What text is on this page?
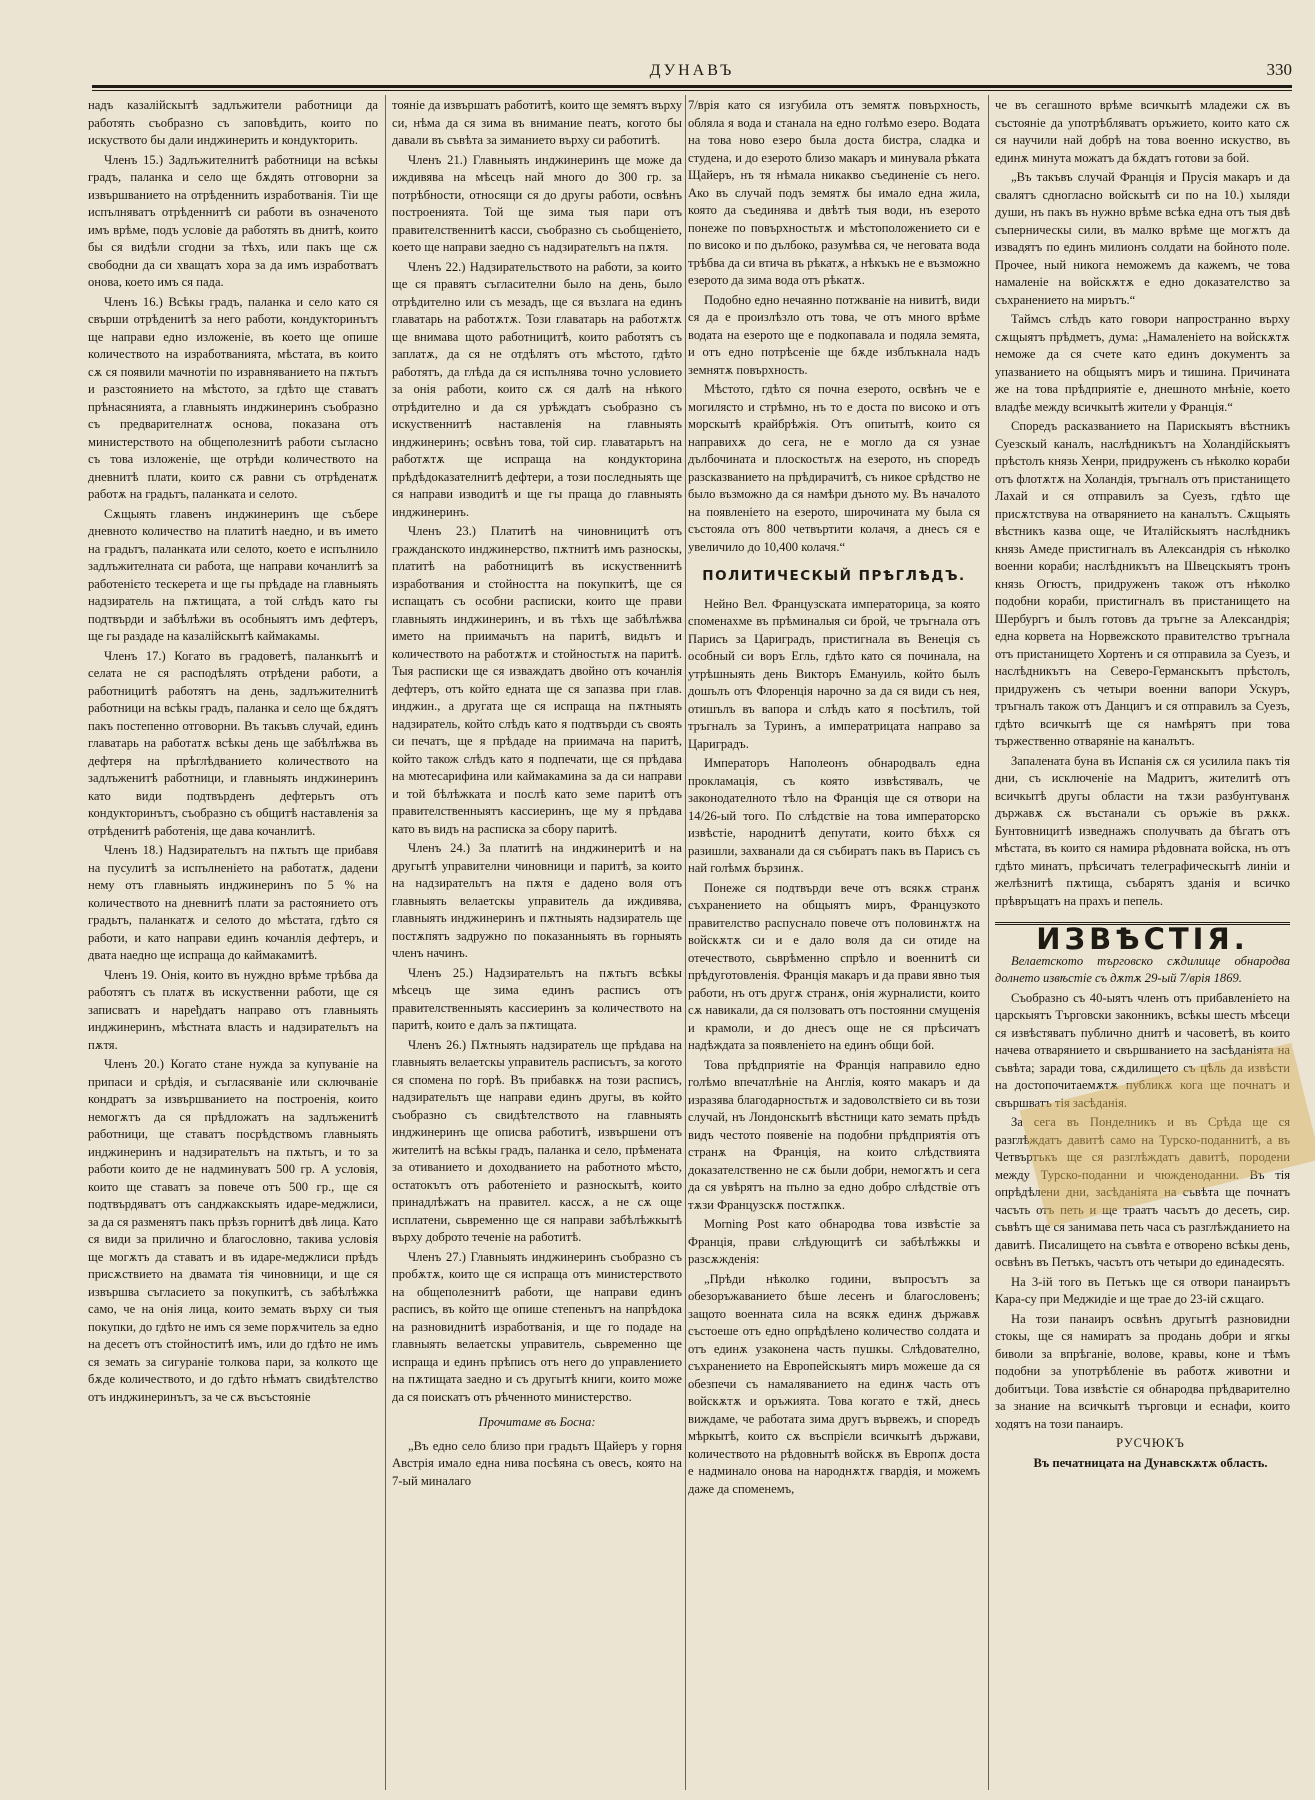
ДУНАВЪ	330

надъ казалійскытѣ задлъжители работници да работять съобразно съ заповѣдить, които по искуството бы дали инджинерить и кондукторить.

Членъ 15.) Задлъжителнитѣ работници на всѣкы градъ, паланка и село ще бѫдять отговорни за извършванието на отрѣденнить изработванія. Тіи ще испълняватъ отрѣденнитѣ си работи въ означеното имъ врѣме, подъ условіе да работять въ днитѣ, които бы ся видѣли сгодни за тѣхъ, или пакъ ще сѫ свободни да си хващатъ хора за да имъ изработватъ онова, което имъ ся пада.

Членъ 16.) Всѣкы градъ, паланка и село като ся свърши отрѣденитѣ за него работи, кондукторинътъ ще направи едно изложеніе, въ което ще опише количеството на изработванията, мѣстата, въ които сѫ ся появили мачнотіи по изравняванието на пѫтьтъ и разстоянието на мѣстото, за гдѣто ще ставатъ прѣнасянията, а главныять инджинеринъ съобразно съ предварителнатѫ основа, показана отъ министерството на общеполезнитѣ работи съгласно съ това изложеніе, ще отрѣди количеството на дневнитѣ плати, които сѫ равни съ отрѣденатѫ работѫ на градьтъ, паланката и селото.

Сѫщыять главенъ инджинеринъ ще събере дневното количество на платитѣ наедно, и въ името на градьтъ, паланката или селото, което е испълнило задлъжителната си работа, ще направи кочанлитѣ за работенієто тескерета и ще гы прѣдаде на главныять надзиратель на пѫтищата, а той слѣдъ като гы подтвърди и забѣлѣжи въ особныятъ имъ дефтеръ, ще гы раздаде на казалійскытѣ каймакамы.

Членъ 17.) Когато въ градоветѣ, паланкытѣ и селата не ся расподѣлять отрѣдени работи, а работницитѣ работятъ на день, задлъжителнитѣ работници на всѣкы градъ, паланка и село ще бѫдятъ пакъ постепенно отговорни. Въ такъвъ случай, единъ главатарь на работатѫ всѣкы день ще забѣлѣжва въ дефтеря на прѣглѣдванието количеството на задлъженитѣ работници, и главныять инджинеринъ като види подтвърденъ дефтерьтъ отъ кондукторинътъ, съобразно съ общитѣ наставленія за отрѣденитѣ работенія, ще дава кочанлитѣ.

Членъ 18.) Надзирательтъ на пѫтьтъ ще прибавя на пусулитѣ за испълненieто на работатѫ, дадени нему отъ главныять инджинеринъ по 5 % на количеството на дневнитѣ плати за растоянието отъ градьтъ, паланкатѫ и селото до мѣстата, гдѣто ся работи, и като направи единъ кочанлія дефтеръ, и двата наедно ще испраща до каймакамитѣ.

Членъ 19. Онія, които въ нуждно врѣме трѣбва да работятъ съ платѫ въ искуственни работи, ще ся записватъ и наређдатъ направо отъ главныять инджинеринъ, мѣстната власть и надзирательтъ на пѫтя.

Членъ 20.) Когато стане нужда за купуванie на припаси и срѣдія, и съгласяванie или сключванie кондратъ за извършванието на построенія, които немогѫтъ да ся прѣдложатъ на задлъженитѣ работници, ще ставатъ посрѣдствомъ главныять инджинеринъ и надзирательтъ на пѫтьтъ, и то за работи които де не надминуватъ 500 гр. А условія, които ще ставатъ за повече отъ 500 гр., ще ся подтвърдяватъ отъ санджакскыять идаре-меджлиси, за да ся разменятъ пакъ прѣзъ горнитѣ двѣ лица. Като ся види за прилично и благословно, такива условія ще могѫтъ да ставатъ и въ идаре-меджлиси прѣдъ присѫствието на двамата тія чиновници, и ще ся извършва съгласието за покупкитѣ, съ забѣлѣжка само, че на онія лица, които земать върху си тыя покупки, до гдѣто не имъ ся земе порѫчитель за едно на десетъ отъ стойноститѣ имъ, или до гдѣто не имъ ся земать за сигураніе толкова пари, за колкото ще бѫде количеството, и до гдѣто нѣматъ свидѣтелство отъ инджинеринътъ, за че сѫ въсъстояніе

тояніе да извършатъ работитѣ, които ще земятъ върху си, нѣма да ся зима въ внимание пеатъ, когото бы давали въ съвѣта за зиманието върху си работитѣ.

Членъ 21.) Главныять инджинеринъ ще може да иждивява на мѣсецъ най много до 300 гр. за потрѣбности, относящи ся до другы работи, освѣнъ построенията. Той ще зима тыя пари отъ правителственнитѣ касси, съобразно съ сьобщеніето, което ще направи заедно съ надзирательтъ на пѫтя.

Членъ 22.) Надзирательството на работи, за които ще ся правятъ съгласителни было на день, было отрѣдително или съ мезадъ, ще ся възлага на единъ главатарь на работѫтѫ. Този главатарь на работѫтѫ ще внимава щото работницитѣ, които работятъ съ заплатѫ, да ся не отдѣлятъ отъ мѣстото, гдѣто работятъ, да глѣда да ся испълнява точно условието за онія работи, които сѫ ся далѣ на нѣкого отрѣдително и да ся урѣждатъ съобразно съ искуственнитѣ наставленія на главныять инджинеринъ; освѣнъ това, той сир. главатарьтъ на работѫтѫ ще испраща на кондукторина прѣдѣдоказателнитѣ дефтери, а този последныять ще ся направи изводитѣ и ще гы праща до главныять инджинеринъ.

Членъ 23.) Платитѣ на чиновницитѣ отъ гражданското инджинерство, пѫтнитѣ имъ разноскы, платитѣ на работницитѣ въ искуственнитѣ изработвания и стойността на покупкитѣ, ще ся испащатъ съ особни расписки, които ще прави главныять инджинеринъ, и въ тѣхъ ще забѣлѣжва името на приимачьтъ на паритѣ, видьтъ и количеството на работѫтѫ и стойностьтѫ на паритѣ. Тыя расписки ще ся изваждатъ двойно отъ кочанлія дефтеръ, отъ който едната ще ся запазва при глав. инджин., а другата ще ся испраща на пѫтныять надзиратель, който слѣдъ като я подтвърди съ своять си печатъ, ще я прѣдаде на приимача на паритѣ, който також слѣдъ като я подпечати, ще ся прѣдава на мютесарифина или каймакамина за да си направи и той бѣлѣжката и послѣ като земе паритѣ отъ правителственныятъ кассиеринъ, ще му я прѣдава като въ видъ на расписка за сбору паритѣ.

Членъ 24.) За платитѣ на инджинеритѣ и на другытѣ управителни чиновници и паритѣ, за които на надзирательтъ на пѫтя е дадено воля отъ главныять велаетскы управитель да иждивява, главныять инджинеринъ и пѫтныять надзиратель ще постѫпятъ задружно по показанныять въ горныять членъ начинъ.

Членъ 25.) Надзирательтъ на пѫтьтъ всѣкы мѣсецъ ще зима единъ расписъ отъ правителственныять кассиеринъ за количеството на паритѣ, които е далъ за пѫтищата.

Членъ 26.) Пѫтныять надзиратель ще прѣдава на главныять велаетскы управитель расписътъ, за когото ся спомена по горѣ. Въ прибавкѫ на този расписъ, надзирательтъ ще направи единъ другы, въ който съобразно съ свидѣтелството на главныять инджинеринъ ще описва работитѣ, извършени отъ жителитѣ на всѣкы градъ, паланка и село, прѣмената за отиванието и доходванието на работното мѣсто, остатокътъ отъ работеніето и разноскытѣ, които принадлѣжатъ на правител. кассѫ, а не сѫ още исплатени, сьвременно ще ся направи забѣлѣжкытѣ върху доброто теченіе на работитѣ.

Членъ 27.) Главныять инджинеринъ съобразно съ пробѫтѫ, които ще ся испраща отъ министерството на общеполезнитѣ работи, ще направи единъ расписъ, въ който ще опише степеньтъ на напрѣдока на разновиднитѣ изработванія, и ще го подаде на главныять велаетскы управитель, сьвременно ще испраща и единъ прѣписъ отъ него до управлението на пѫтищата заедно и съ другытѣ книги, които може да ся поискатъ отъ рѣченното министерство.

Прочитаме въ Босна:

„Въ едно село близо при градьтъ Щайеръ у горня Австрія имало една нива посѣяна съ овесъ, която на 7-ый миналаго

7/врія като ся изгубила отъ земятѫ повърхность, обляла я вода и станала на едно голѣмо езеро. Водата на това ново езеро была доста бистра, сладка и студена, и до езерото близо макаръ и минувала рѣката Щайеръ, нъ тя нѣмала никакво съединеніе съ него. Ако въ случай подъ земятѫ бы имало една жила, която да съединява и двѣтѣ тыя води, нъ езерото понеже по повърхностьтѫ и мѣстоположението си е по високо и по дълбоко, разумѣва ся, че неговата вода трѣбва да си втича въ рѣкатѫ, а нѣкъкъ не е възможно езерото да зима вода отъ рѣкатѫ.

Подобно едно нечаянно потжванie на нивитѣ, види ся да е произлѣзло отъ това, че отъ много врѣме водата на езерото ще е подкопавала и подяла земята, и отъ едно потрѣсеніе ще бѫде изблъкнала надъ земнятѫ повърхность.

Мѣстото, гдѣто ся почна езерото, освѣнъ че е могилясто и стрѣмно, нъ то е доста по високо и отъ морскытѣ крайбрѣжія. Отъ опитытѣ, които ся направихѫ до сега, не е могло да ся узнае дълбочината и плоскостьтѫ на езерото, нъ споредъ разсказванието на прѣдирачитѣ, съ никое срѣдство не было възможно да ся намѣри дъното му. Въ началото на появленіето на езерото, широчината му была ся състояла отъ 800 четвъртити колачя, а днесъ ся е увеличило до 10,400 колачя.“

ПОЛИТИЧЕСКЫЙ ПРѢГЛѢДЪ.

Нейно Вел. Французската императорица, за която споменахме въ прѣминалыя си брой, че тръгнала отъ Парисъ за Цариградъ, пристигнала въ Венеція съ особный си воръ Егль, гдѣто като ся починала, на утрѣшныять день Викторъ Емануиль, който былъ дошълъ отъ Флоренція нарочно за да ся види съ нея, отишълъ въ вапора и слѣдъ като я посѣтилъ, той тръгналъ за Туринъ, а императрицата направо за Цариградъ.

Императоръ Наполеонъ обнародвалъ една прокламація, съ която извѣстявалъ, че законодателното тѣло на Франція ще ся отвори на 14/26-ый того. По слѣдствіе на това императорско извѣстіе, народнитѣ депутати, които бѣхѫ ся разишли, захванали да ся събиратъ пакъ въ Парисъ съ най голѣмѫ бързинѫ.

Понеже ся подтвърди вече отъ всякѫ странѫ съхранението на общыятъ миръ, Французкото правителство распуснало повече отъ половинѫтѫ на войскѫтѫ си и е дало воля да си отиде на отечеството, сьврѣменно спрѣло и военнитѣ си прѣдуготовленія. Франція макаръ и да прави явно тыя работи, нъ отъ другѫ странѫ, онія журналисти, които сѫ навикали, да ся ползоватъ отъ постоянни смущенія и крамоли, и до днесъ още не ся прѣсичатъ надѣждата за появленіето на единъ общи бой.

Това прѣдприятіе на Франція направило едно голѣмо впечатлѣніе на Англія, която макаръ и да изразява благодарностьтѫ и задоволствіето си въ този случай, нъ Лондонскытѣ вѣстници като земать прѣдъ видъ честото появеніе на подобни прѣдприятія отъ странѫ на Франція, на които слѣдствията доказателственно не сѫ были добри, немогѫтъ и сега да ся увѣрятъ на пълно за едно добро слѣдствіе отъ тѫзи Французскѫ постѫпкѫ.

Morning Post като обнародва това извѣстіе за Франція, прави слѣдующитѣ си забѣлѣжкы и разсѫжденія:

„Прѣди нѣколко години, въпросътъ за обезоръжаванието бѣше лесенъ и благословенъ; защото военната сила на всякѫ единѫ държавѫ състоеше отъ едно опрѣдѣлено количество солдата и отъ единѫ узаконена часть пушкы. Слѣдователно, съхранението на Европейскыятъ миръ можеше да ся обезпечи съ намаляванието на единѫ часть отъ войскѫтѫ и оръжията. Това когато е тѫй, днесь виждаме, че работата зима другъ вървежъ, и споредъ мѣркытѣ, които сѫ въспрієли всичкытѣ държави, количеството на рѣдовнытѣ войскѫ въ Европѫ доста е надминало онова на народнѫтѫ гвардія, и можемъ даже да споменемъ,

че въ сегашното врѣме всичкытѣ младежи сѫ въ състояніе да употрѣбляватъ оръжието, които като сѫ ся научили най добрѣ на това военно искуство, въ единѫ минута можатъ да бѫдатъ готови за бой.

„Въ такъвъ случай Франція и Прусія макаръ и да свалятъ сдногласно войскытѣ си по на 10.) хыляди души, нъ пакъ въ нужно врѣме всѣка една отъ тыя двѣ съперническы сили, въ малко врѣме ще могѫтъ да извадятъ по единъ милионъ солдати на бойното поле. Прочее, ный никога неможемъ да кажемъ, че това намаленіе на войскѫтѫ е едно доказателство за съхранението на мирътъ.“

Таймсъ слѣдъ като говори напространно върху сѫщыятъ прѣдметъ, дума: „Намаленіето на войскѫтѫ неможе да ся счете като единъ документъ за упазванието на общыятъ миръ и тишина. Причината же на това прѣдприятіе е, днешното мнѣніе, което владѣе между всичкытѣ жители у Франція.“

Споредъ расказванието на Парискыятъ вѣстникъ Суезскый каналъ, наслѣдникътъ на Холандійскыятъ прѣстолъ князь Хенри, придруженъ съ нѣколко кораби отъ флотѫтѫ на Холандія, тръгналъ отъ пристанището Лахай и ся отправилъ за Суезъ, гдѣто ще присѫтствува на отварянието на каналътъ. Сѫщыять вѣстникъ казва още, че Италійскыятъ наслѣдникъ князь Амеде пристигналъ въ Александрія съ нѣколко военни кораби; наслѣдникътъ на Швецскыятъ тронъ князь Огюстъ, придруженъ також отъ нѣколко подобни кораби, пристигналъ въ пристанището на Шербургъ и былъ готовъ да тръгне за Александрія; една корвета на Норвежското правителство тръгнала отъ пристанището Хортенъ и ся отправила за Суезъ, и наслѣдникътъ на Северо-Германскытъ прѣстолъ, придруженъ съ четыри военни вапори Ускуръ, тръгналъ також отъ Данцигъ и ся отправилъ за Суезъ, гдѣто всичкытѣ ще ся намѣрятъ при това тържественно отварянie на каналътъ.

Запалената буна въ Испанія сѫ ся усилила пакъ тія дни, съ исключеніе на Мадритъ, жителитѣ отъ всичкытѣ другы области на тѫзи разбунтуванѫ държавѫ сѫ въстанали съ оръжіе въ рѫкѫ. Бунтовницитѣ изведнажъ сполучвать да бѣгатъ отъ мѣстата, въ които ся намира рѣдовната войска, нъ отъ гдѣто минатъ, прѣсичатъ телеграфическытѣ линіи и желѣзнитѣ пѫтища, събарятъ зданія и всичко прѣвръщатъ на прахъ и пепель.

ИЗВѢСТІЯ.

Велаетското търговско сѫдилище обнародва долнето извѣстіе съ дѫтѫ 29-ый 7/врія 1869.

Съобразно съ 40-ыятъ членъ отъ прибавленіето на царскыятъ Търговски законникъ, всѣкы шесть мѣсеци ся извѣстяватъ публично днитѣ и часоветѣ, въ които начева отварянието и свършванието на засѣданіята на съвѣта; заради това, сѫдилището съ цѣль да извѣсти на достопочитаемѫтѫ публикѫ кога ще почнатъ и свършватъ тія засѣданія.

За сега въ Понделникъ и въ Срѣда ще ся разглѣждатъ давитѣ само на Турско-поданнитѣ, а въ Четвъртъкъ ще ся разглѣждатъ давитѣ, породени между Турско-поданни и чюжденоданни. Въ тія опрѣдѣлени дни, засѣданіята на съвѣта ще почнатъ часъть отъ петь и ще траатъ часътъ до десеть, сир. съвѣтъ ще ся занимава петь часа съ разглѣжданието на давитѣ. Писалището на съвѣта е отворено всѣкы день, освѣнъ въ Петъкъ, часътъ отъ четыри до единадесять.

На 3-ій того въ Петъкъ ще ся отвори панаирътъ Кара-су при Меджидіе и ще трае до 23-ій сѫщаго.

На този панаиръ освѣнъ другытѣ разновидни стокы, ще ся намиратъ за продань добри и ягкы биволи за впрѣганіе, воловe, кравы, коне и тѣмъ подобни за употрѣбленіе въ работѫ животни и добитъци. Това извѣстіе ся обнародва прѣдварително за знание на всичкытѣ търговци и еснафи, които ходятъ на този панаиръ.

РУСЧЮКЪ

Въ печатницата на Дунавскѫтѫ область.
